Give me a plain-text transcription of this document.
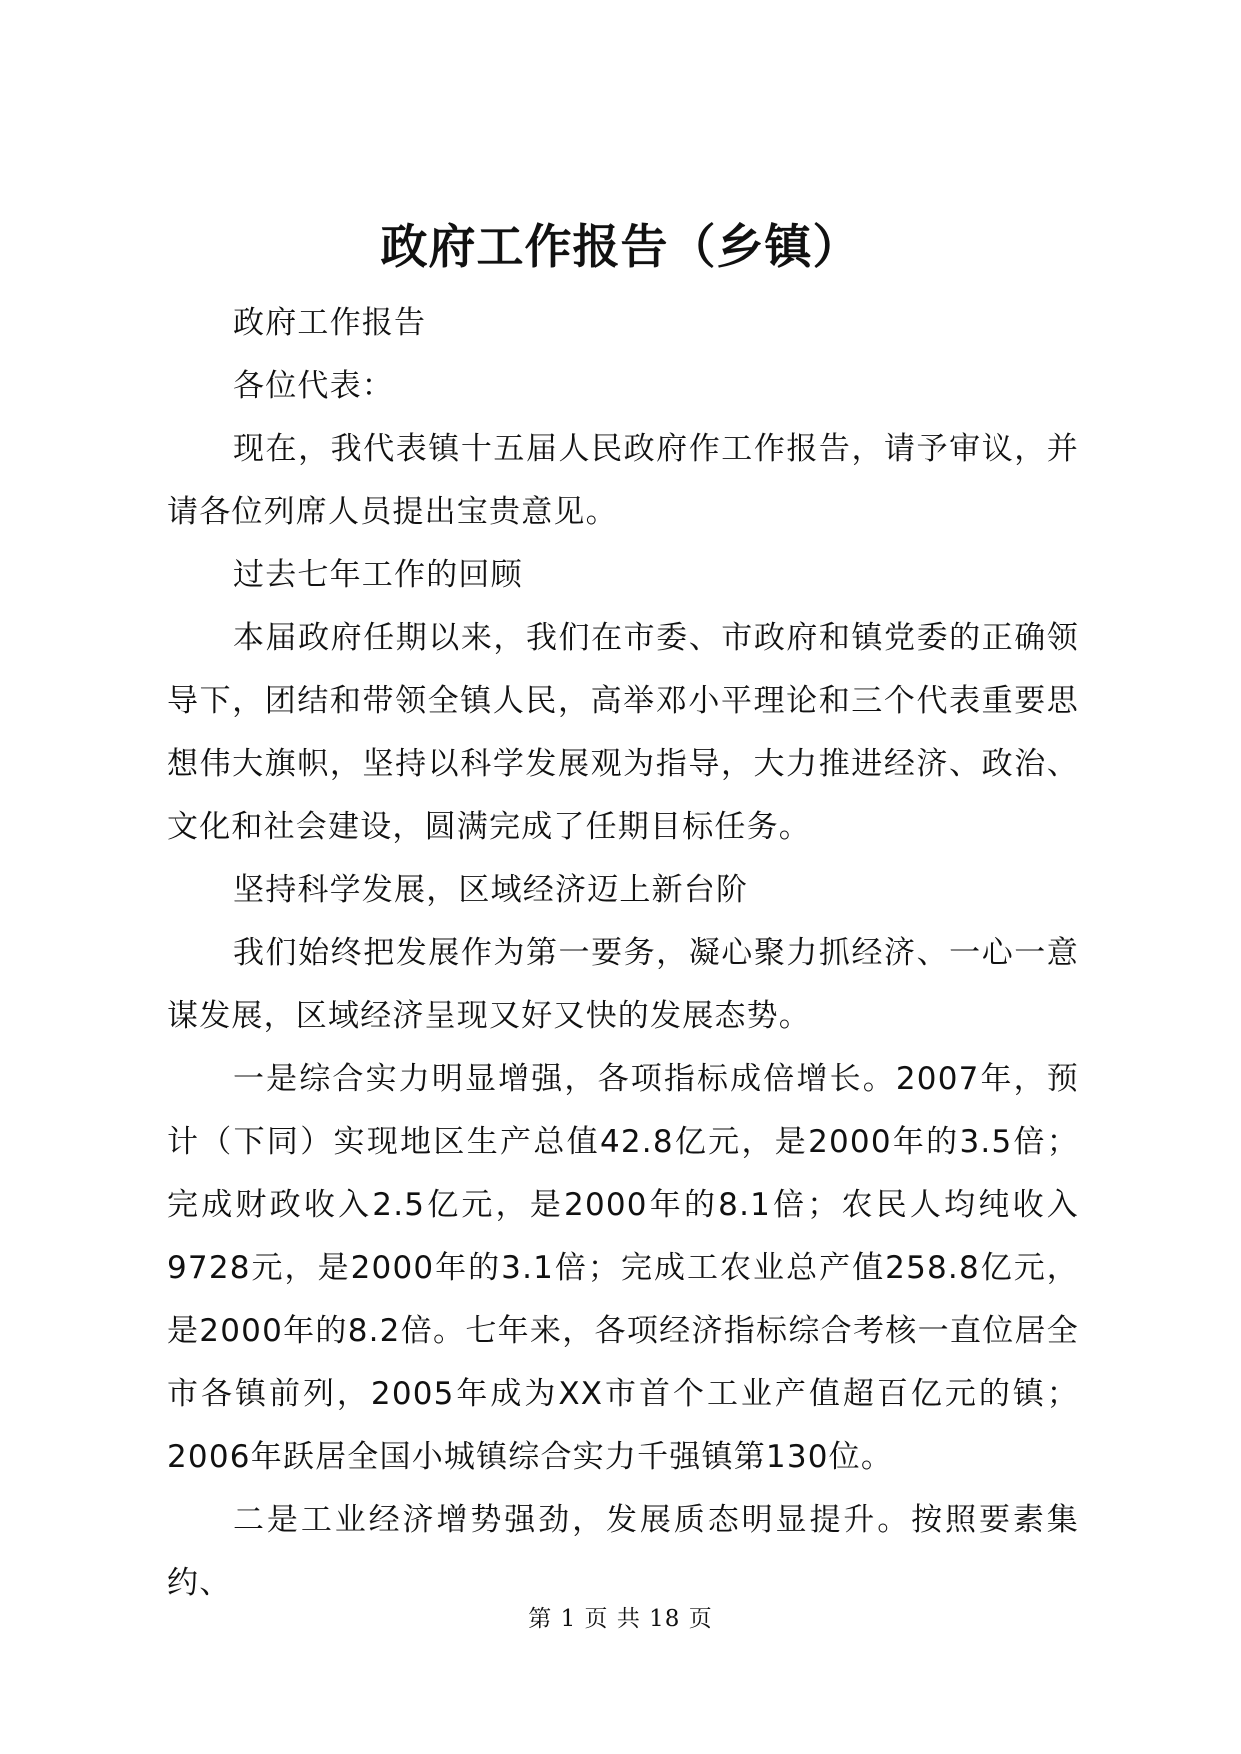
政府工作报告（乡镇）

政府工作报告

各位代表：

现在，我代表镇十五届人民政府作工作报告，请予审议，并请各位列席人员提出宝贵意见。

过去七年工作的回顾

本届政府任期以来，我们在市委、市政府和镇党委的正确领导下，团结和带领全镇人民，高举邓小平理论和三个代表重要思想伟大旗帜，坚持以科学发展观为指导，大力推进经济、政治、文化和社会建设，圆满完成了任期目标任务。

坚持科学发展，区域经济迈上新台阶

我们始终把发展作为第一要务，凝心聚力抓经济、一心一意谋发展，区域经济呈现又好又快的发展态势。

一是综合实力明显增强，各项指标成倍增长。2007年，预计（下同）实现地区生产总值42.8亿元，是2000年的3.5倍；完成财政收入2.5亿元，是2000年的8.1倍；农民人均纯收入9728元，是2000年的3.1倍；完成工农业总产值258.8亿元，是2000年的8.2倍。七年来，各项经济指标综合考核一直位居全市各镇前列，2005年成为XX市首个工业产值超百亿元的镇；2006年跃居全国小城镇综合实力千强镇第130位。

二是工业经济增势强劲，发展质态明显提升。按照要素集约、

第 1 页 共 18 页
